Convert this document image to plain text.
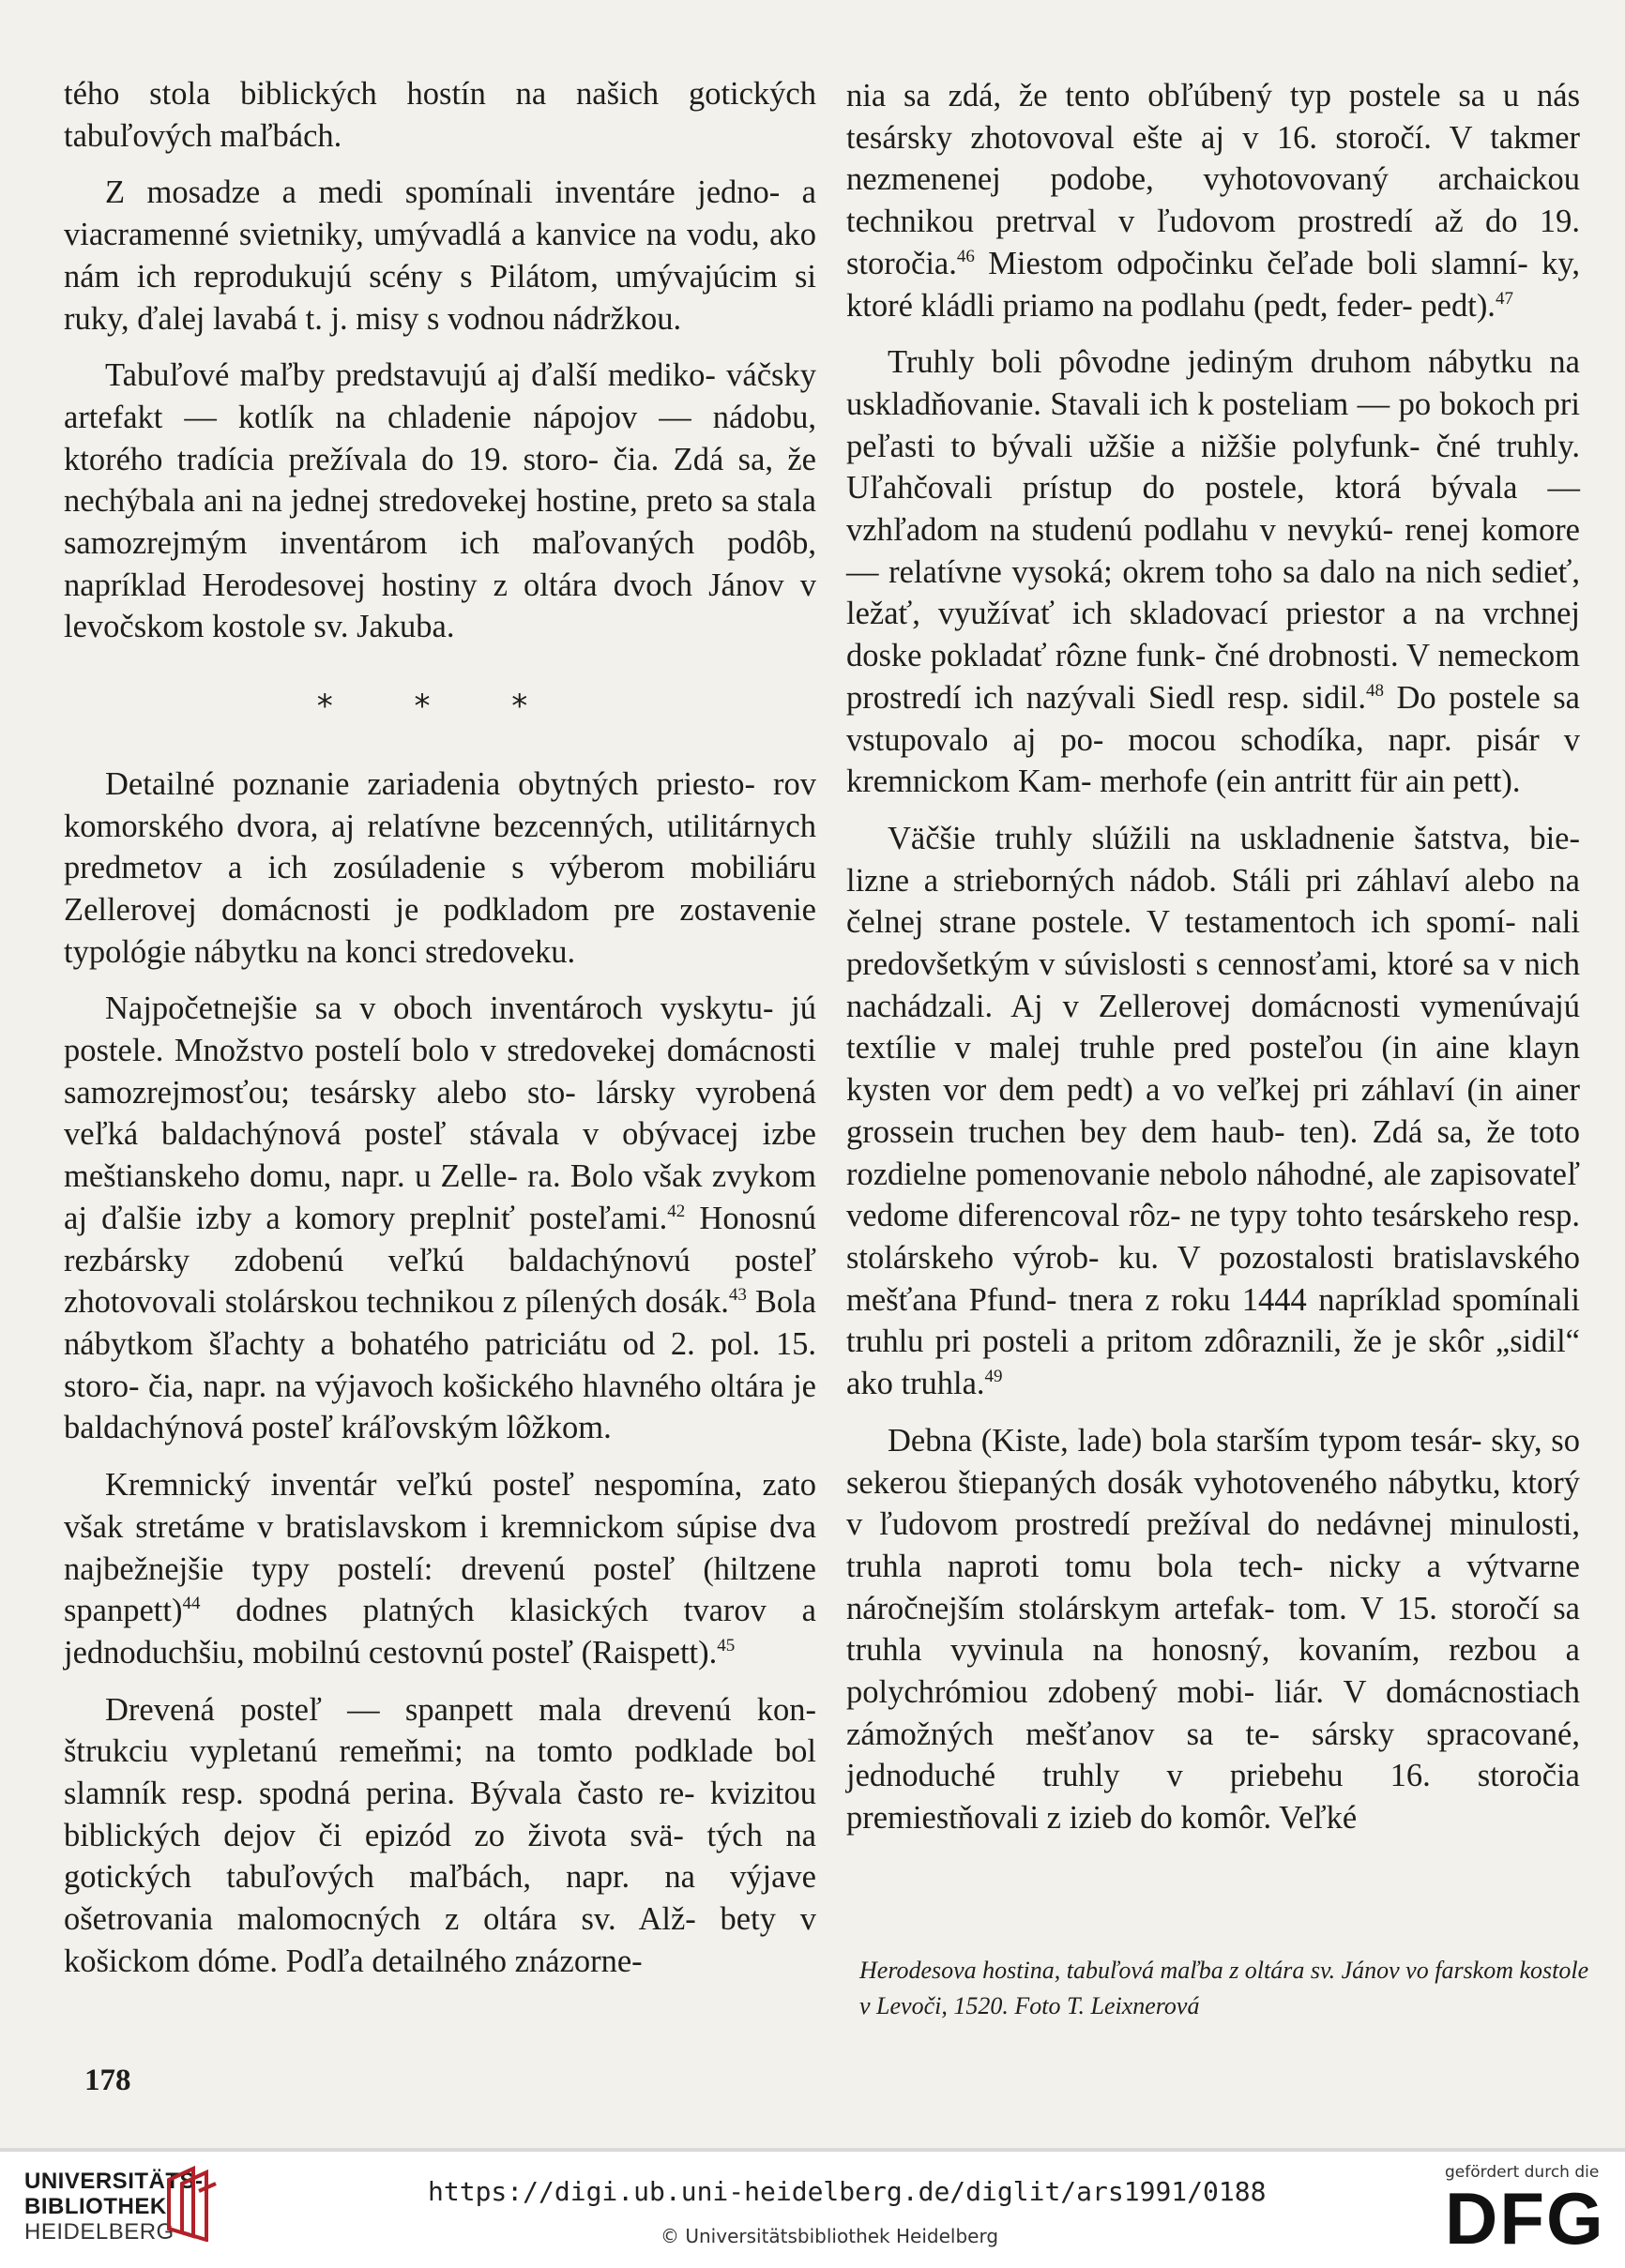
tého stola biblických hostín na našich gotických tabuľových maľbách.

Z mosadze a medi spomínali inventáre jedno- a viacramenné svietniky, umývadlá a kanvice na vodu, ako nám ich reprodukujú scény s Pilátom, umývajúcim si ruky, ďalej lavabá t. j. misy s vodnou nádržkou.

Tabuľové maľby predstavujú aj ďalší mediko- váčsky artefakt — kotlík na chladenie nápojov — nádobu, ktorého tradícia prežívala do 19. storo- čia. Zdá sa, že nechýbala ani na jednej stredovekej hostine, preto sa stala samozrejmým inventárom ich maľovaných podôb, napríklad Herodesovej hostiny z oltára dvoch Jánov v levočskom kostole sv. Jakuba.

* * *

Detailné poznanie zariadenia obytných priesto- rov komorského dvora, aj relatívne bezcenných, utilitárnych predmetov a ich zosúladenie s výberom mobiliáru Zellerovej domácnosti je podkladom pre zostavenie typológie nábytku na konci stredoveku.

Najpočetnejšie sa v oboch inventároch vyskytu- jú postele. Množstvo postelí bolo v stredovekej domácnosti samozrejmosťou; tesársky alebo sto- lársky vyrobená veľká baldachýnová posteľ stávala v obývacej izbe meštianskeho domu, napr. u Zelle- ra. Bolo však zvykom aj ďalšie izby a komory preplniť posteľami.$^{42}$ Honosnú rezbársky zdobenú veľkú baldachýnovú posteľ zhotovovali stolárskou technikou z pílených dosák.$^{43}$ Bola nábytkom šľachty a bohatého patriciátu od 2. pol. 15. storo- čia, napr. na výjavoch košického hlavného oltára je baldachýnová posteľ kráľovským lôžkom.

Kremnický inventár veľkú posteľ nespomína, zato však stretáme v bratislavskom i kremnickom súpise dva najbežnejšie typy postelí: drevenú posteľ (hiltzene spanpett)$^{44}$ dodnes platných klasických tvarov a jednoduchšiu, mobilnú cestovnú posteľ (Raispett).$^{45}$

Drevená posteľ — spanpett mala drevenú kon- štrukciu vypletanú remeňmi; na tomto podklade bol slamník resp. spodná perina. Bývala často re- kvizitou biblických dejov či epizód zo života svä- tých na gotických tabuľových maľbách, napr. na výjave ošetrovania malomocných z oltára sv. Alž- bety v košickom dóme. Podľa detailného znázorne-

nia sa zdá, že tento obľúbený typ postele sa u nás tesársky zhotovoval ešte aj v 16. storočí. V takmer nezmenenej podobe, vyhotovovaný archaickou technikou pretrval v ľudovom prostredí až do 19. storočia.$^{46}$ Miestom odpočinku čeľade boli slamní- ky, ktoré kládli priamo na podlahu (pedt, feder- pedt).$^{47}$

Truhly boli pôvodne jediným druhom nábytku na uskladňovanie. Stavali ich k posteliam — po bokoch pri peľasti to bývali užšie a nižšie polyfunk- čné truhly. Uľahčovali prístup do postele, ktorá bývala — vzhľadom na studenú podlahu v nevykú- renej komore — relatívne vysoká; okrem toho sa dalo na nich sedieť, ležať, využívať ich skladovací priestor a na vrchnej doske pokladať rôzne funk- čné drobnosti. V nemeckom prostredí ich nazývali Siedl resp. sidil.$^{48}$ Do postele sa vstupovalo aj po- mocou schodíka, napr. pisár v kremnickom Kam- merhofe (ein antritt für ain pett).

Väčšie truhly slúžili na uskladnenie šatstva, bie- lizne a strieborných nádob. Stáli pri záhlaví alebo na čelnej strane postele. V testamentoch ich spomí- nali predovšetkým v súvislosti s cennosťami, ktoré sa v nich nachádzali. Aj v Zellerovej domácnosti vymenúvajú textílie v malej truhle pred posteľou (in aine klayn kysten vor dem pedt) a vo veľkej pri záhlaví (in ainer grossein truchen bey dem haub- ten). Zdá sa, že toto rozdielne pomenovanie nebolo náhodné, ale zapisovateľ vedome diferencoval rôz- ne typy tohto tesárskeho resp. stolárskeho výrob- ku. V pozostalosti bratislavského mešťana Pfund- tnera z roku 1444 napríklad spomínali truhlu pri posteli a pritom zdôraznili, že je skôr „sidil“ ako truhla.$^{49}$

Debna (Kiste, lade) bola starším typom tesár- sky, so sekerou štiepaných dosák vyhotoveného nábytku, ktorý v ľudovom prostredí prežíval do nedávnej minulosti, truhla naproti tomu bola tech- nicky a výtvarne náročnejším stolárskym artefak- tom. V 15. storočí sa truhla vyvinula na honosný, kovaním, rezbou a polychrómiou zdobený mobi- liár. V domácnostiach zámožných mešťanov sa te- sársky spracované, jednoduché truhly v priebehu 16. storočia premiestňovali z izieb do komôr. Veľké

Herodesova hostina, tabuľová maľba z oltára sv. Jánov vo farskom kostole v Levoči, 1520. Foto T. Leixnerová
178
UNIVERSITÄTS-
BIBLIOTHEK
HEIDELBERG
https://digi.ub.uni-heidelberg.de/diglit/ars1991/0188
© Universitätsbibliothek Heidelberg
gefördert durch die
DFG
